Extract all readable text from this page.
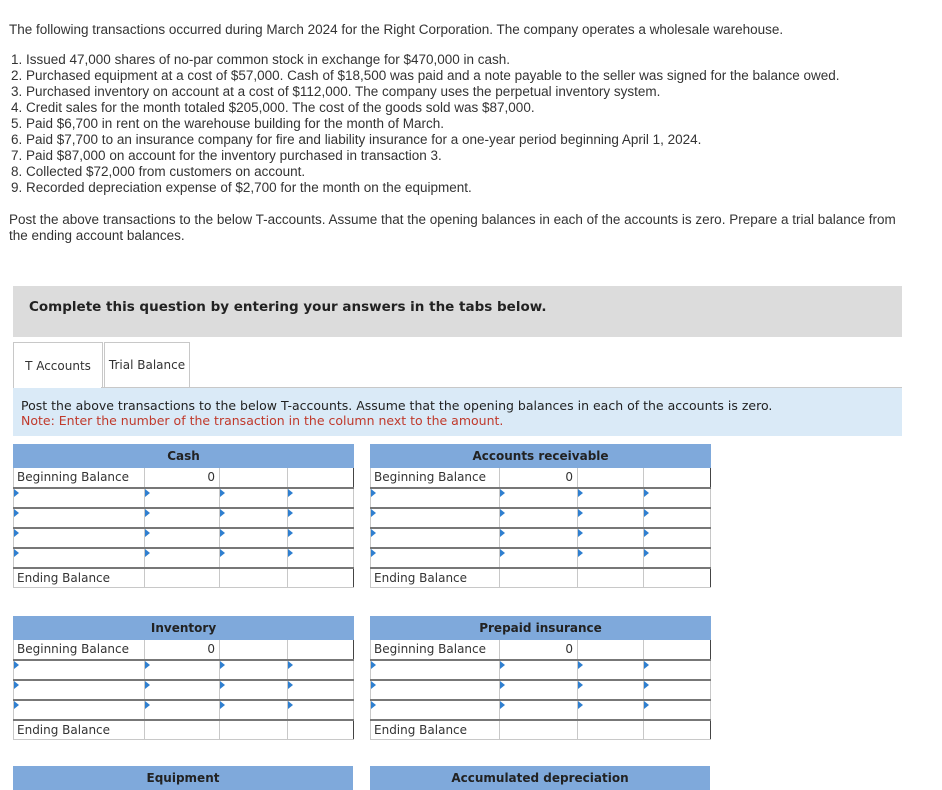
The following transactions occurred during March 2024 for the Right Corporation. The company operates a wholesale warehouse.

1. Issued 47,000 shares of no-par common stock in exchange for $470,000 in cash.
2. Purchased equipment at a cost of $57,000. Cash of $18,500 was paid and a note payable to the seller was signed for the balance owed.
3. Purchased inventory on account at a cost of $112,000. The company uses the perpetual inventory system.
4. Credit sales for the month totaled $205,000. The cost of the goods sold was $87,000.
5. Paid $6,700 in rent on the warehouse building for the month of March.
6. Paid $7,700 to an insurance company for fire and liability insurance for a one-year period beginning April 1, 2024.
7. Paid $87,000 on account for the inventory purchased in transaction 3.
8. Collected $72,000 from customers on account.
9. Recorded depreciation expense of $2,700 for the month on the equipment.

Post the above transactions to the below T-accounts. Assume that the opening balances in each of the accounts is zero. Prepare a trial balance from the ending account balances.

Complete this question by entering your answers in the tabs below.
T Accounts	Trial Balance
Post the above transactions to the below T-accounts. Assume that the opening balances in each of the accounts is zero.
Note: Enter the number of the transaction in the column next to the amount.
Cash			
Beginning Balance	0		

Ending Balance			
Accounts receivable			
Beginning Balance	0		

Ending Balance			
Inventory			
Beginning Balance	0		

Ending Balance			
Prepaid insurance			
Beginning Balance	0		

Ending Balance			
Equipment	Accumulated depreciation
